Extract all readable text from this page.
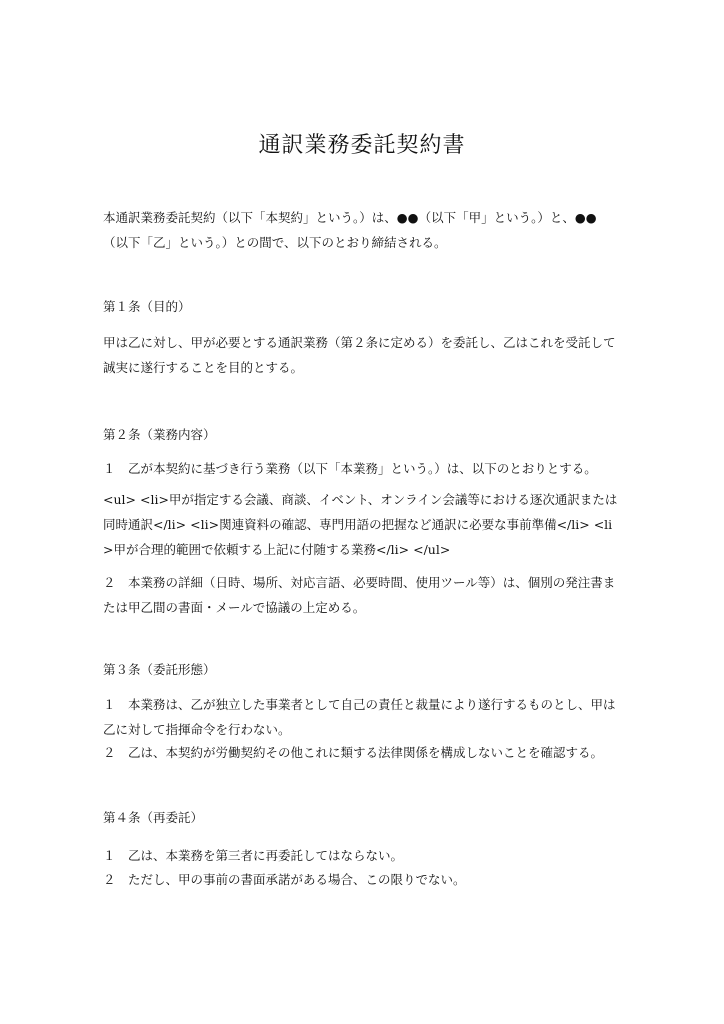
通訳業務委託契約書

本通訳業務委託契約（以下「本契約」という。）は、●●（以下「甲」という。）と、●●（以下「乙」という。）との間で、以下のとおり締結される。

第１条（目的）

甲は乙に対し、甲が必要とする通訳業務（第２条に定める）を委託し、乙はこれを受託して誠実に遂行することを目的とする。

第２条（業務内容）

１　乙が本契約に基づき行う業務（以下「本業務」という。）は、以下のとおりとする。

<ul> <li>甲が指定する会議、商談、イベント、オンライン会議等における逐次通訳または同時通訳</li> <li>関連資料の確認、専門用語の把握など通訳に必要な事前準備</li> <li>甲が合理的範囲で依頼する上記に付随する業務</li> </ul>

２　本業務の詳細（日時、場所、対応言語、必要時間、使用ツール等）は、個別の発注書または甲乙間の書面・メールで協議の上定める。

第３条（委託形態）

１　本業務は、乙が独立した事業者として自己の責任と裁量により遂行するものとし、甲は乙に対して指揮命令を行わない。

２　乙は、本契約が労働契約その他これに類する法律関係を構成しないことを確認する。

第４条（再委託）

１　乙は、本業務を第三者に再委託してはならない。

２　ただし、甲の事前の書面承諾がある場合、この限りでない。
